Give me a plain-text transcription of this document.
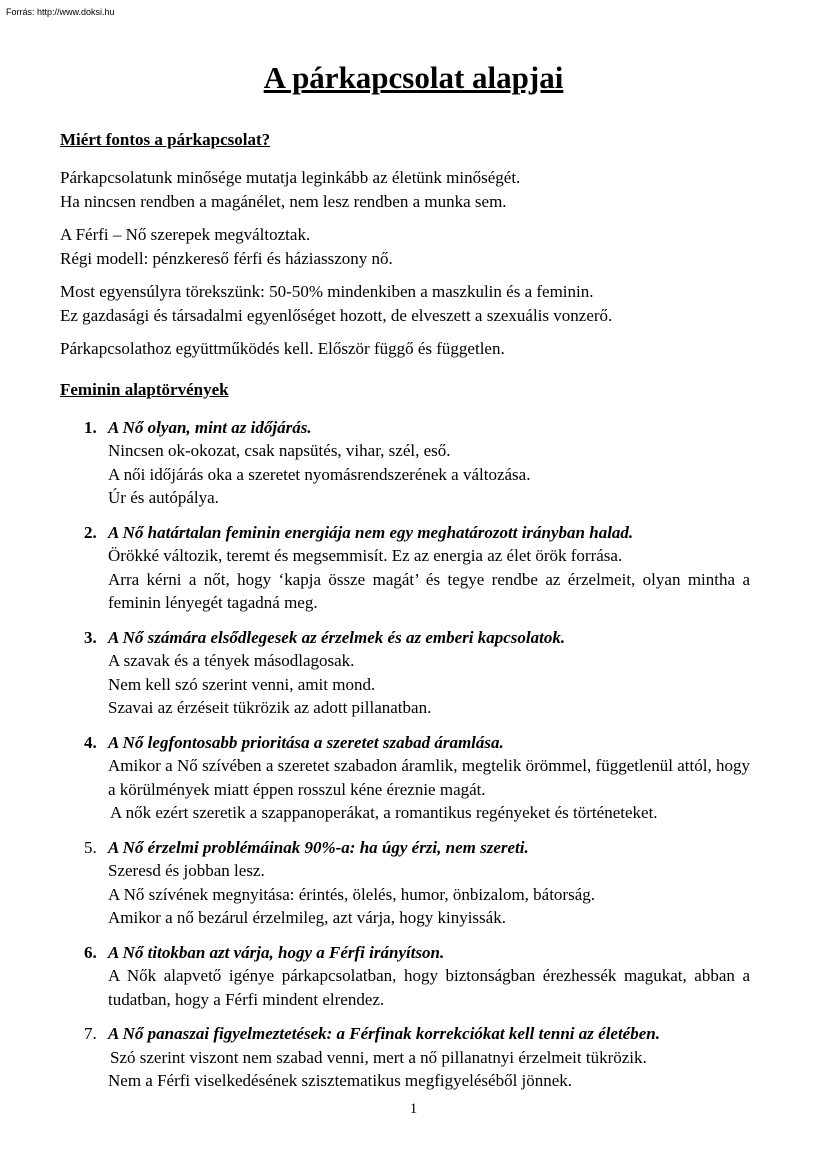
Forrás: http://www.doksi.hu
A párkapcsolat alapjai
Miért fontos a párkapcsolat?

Párkapcsolatunk minősége mutatja leginkább az életünk minőségét.
Ha nincsen rendben a magánélet, nem lesz rendben a munka sem.

A Férfi – Nő szerepek megváltoztak.
Régi modell: pénzkereső férfi és háziasszony nő.

Most egyensúlyra törekszünk: 50-50% mindenkiben a maszkulin és a feminin.
Ez gazdasági és társadalmi egyenlőséget hozott, de elveszett a szexuális vonzerő.

Párkapcsolathoz együttműködés kell. Először függő és független.

Feminin alaptörvények
1. A Nő olyan, mint az időjárás.
Nincsen ok-okozat, csak napsütés, vihar, szél, eső.
A női időjárás oka a szeretet nyomásrendszerének a változása.
Úr és autópálya.
2. A Nő határtalan feminin energiája nem egy meghatározott irányban halad.
Örökké változik, teremt és megsemmisít. Ez az energia az élet örök forrása.
Arra kérni a nőt, hogy ‘kapja össze magát’ és tegye rendbe az érzelmeit, olyan mintha a feminin lényegét tagadná meg.
3. A Nő számára elsődlegesek az érzelmek és az emberi kapcsolatok.
A szavak és a tények másodlagosak.
Nem kell szó szerint venni, amit mond.
Szavai az érzéseit tükrözik az adott pillanatban.
4. A Nő legfontosabb prioritása a szeretet szabad áramlása.
Amikor a Nő szívében a szeretet szabadon áramlik, megtelik örömmel, függetlenül attól, hogy a körülmények miatt éppen rosszul kéne éreznie magát.
A nők ezért szeretik a szappanoperákat, a romantikus regényeket és történeteket.
5. A Nő érzelmi problémáinak 90%-a: ha úgy érzi, nem szereti.
Szeresd és jobban lesz.
A Nő szívének megnyitása: érintés, ölelés, humor, önbizalom, bátorság.
Amikor a nő bezárul érzelmileg, azt várja, hogy kinyissák.
6. A Nő titokban azt várja, hogy a Férfi irányítson.
A Nők alapvető igénye párkapcsolatban, hogy biztonságban érezhessék magukat, abban a tudatban, hogy a Férfi mindent elrendez.
7. A Nő panaszai figyelmeztetések: a Férfinak korrekciókat kell tenni az életében.
Szó szerint viszont nem szabad venni, mert a nő pillanatnyi érzelmeit tükrözik.
Nem a Férfi viselkedésének szisztematikus megfigyeléséből jönnek.
1
